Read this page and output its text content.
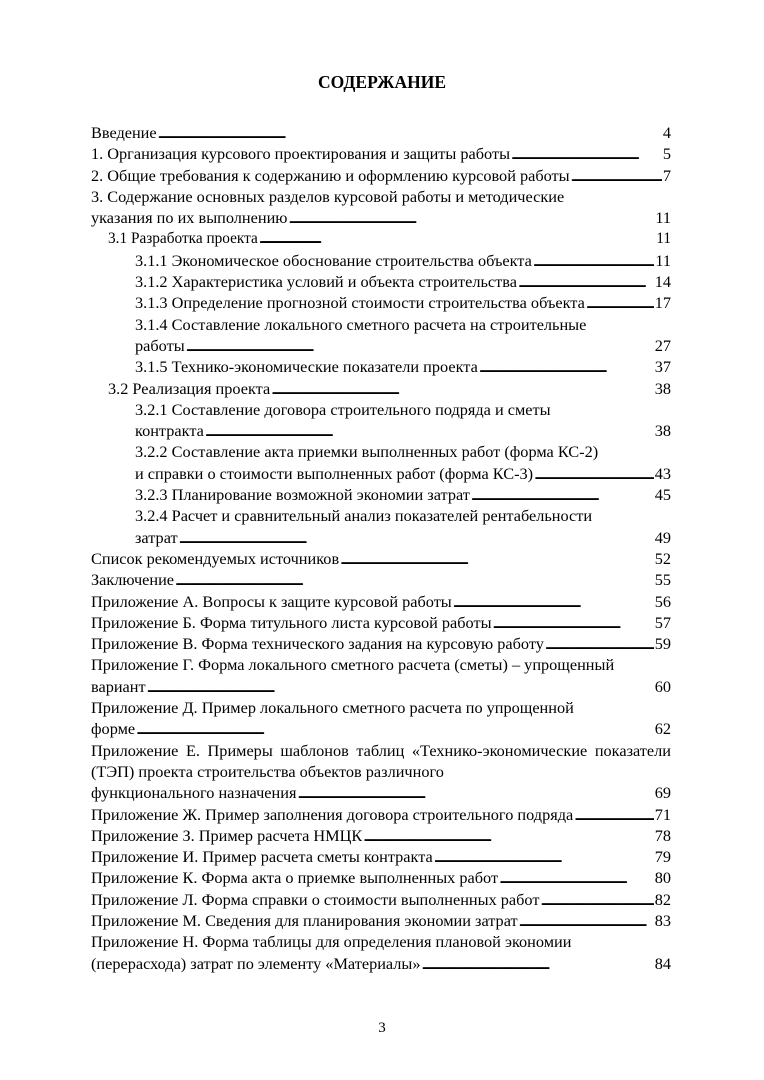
СОДЕРЖАНИЕ
Введение . . .	4
1. Организация курсового проектирования и защиты работы . . .	5
2. Общие требования к содержанию и оформлению курсовой работы . . .	7
3. Содержание основных разделов курсовой работы и методические
указания по их выполнению . . .	11
3.1 Разработка проекта . . .	11
3.1.1 Экономическое обоснование строительства объекта . . .	11
3.1.2 Характеристика условий и объекта строительства . . .	14
3.1.3 Определение прогнозной стоимости строительства объекта . . .	17
3.1.4 Составление локального сметного расчета на строительные
работы . . .	27
3.1.5 Технико-экономические показатели проекта . . .	37
3.2 Реализация проекта . . .	38
3.2.1 Составление договора строительного подряда и сметы
контракта . . .	38
3.2.2 Составление акта приемки выполненных работ (форма КС-2)
и справки о стоимости выполненных работ (форма КС-3) . . .	43
3.2.3 Планирование возможной экономии затрат . . .	45
3.2.4 Расчет и сравнительный анализ показателей рентабельности
затрат . . .	49
Список рекомендуемых источников . . .	52
Заключение . . .	55
Приложение А. Вопросы к защите курсовой работы . . .	56
Приложение Б. Форма титульного листа курсовой работы . . .	57
Приложение В. Форма технического задания на курсовую работу . . .	59
Приложение Г. Форма локального сметного расчета (сметы) – упрощенный
вариант . . .	60
Приложение Д. Пример локального сметного расчета по упрощенной
форме . . .	62
Приложение Е. Примеры шаблонов таблиц «Технико-экономические показатели (ТЭП) проекта строительства объектов различного
функционального назначения . . .	69
Приложение Ж. Пример заполнения договора строительного подряда . . .	71
Приложение З. Пример расчета НМЦК . . .	78
Приложение И. Пример расчета сметы контракта . . .	79
Приложение К. Форма акта о приемке выполненных работ . . .	80
Приложение Л. Форма справки о стоимости выполненных работ . . .	82
Приложение М. Сведения для планирования экономии затрат . . .	83
Приложение Н. Форма таблицы для определения плановой экономии
(перерасхода) затрат по элементу «Материалы» . . .	84
3
